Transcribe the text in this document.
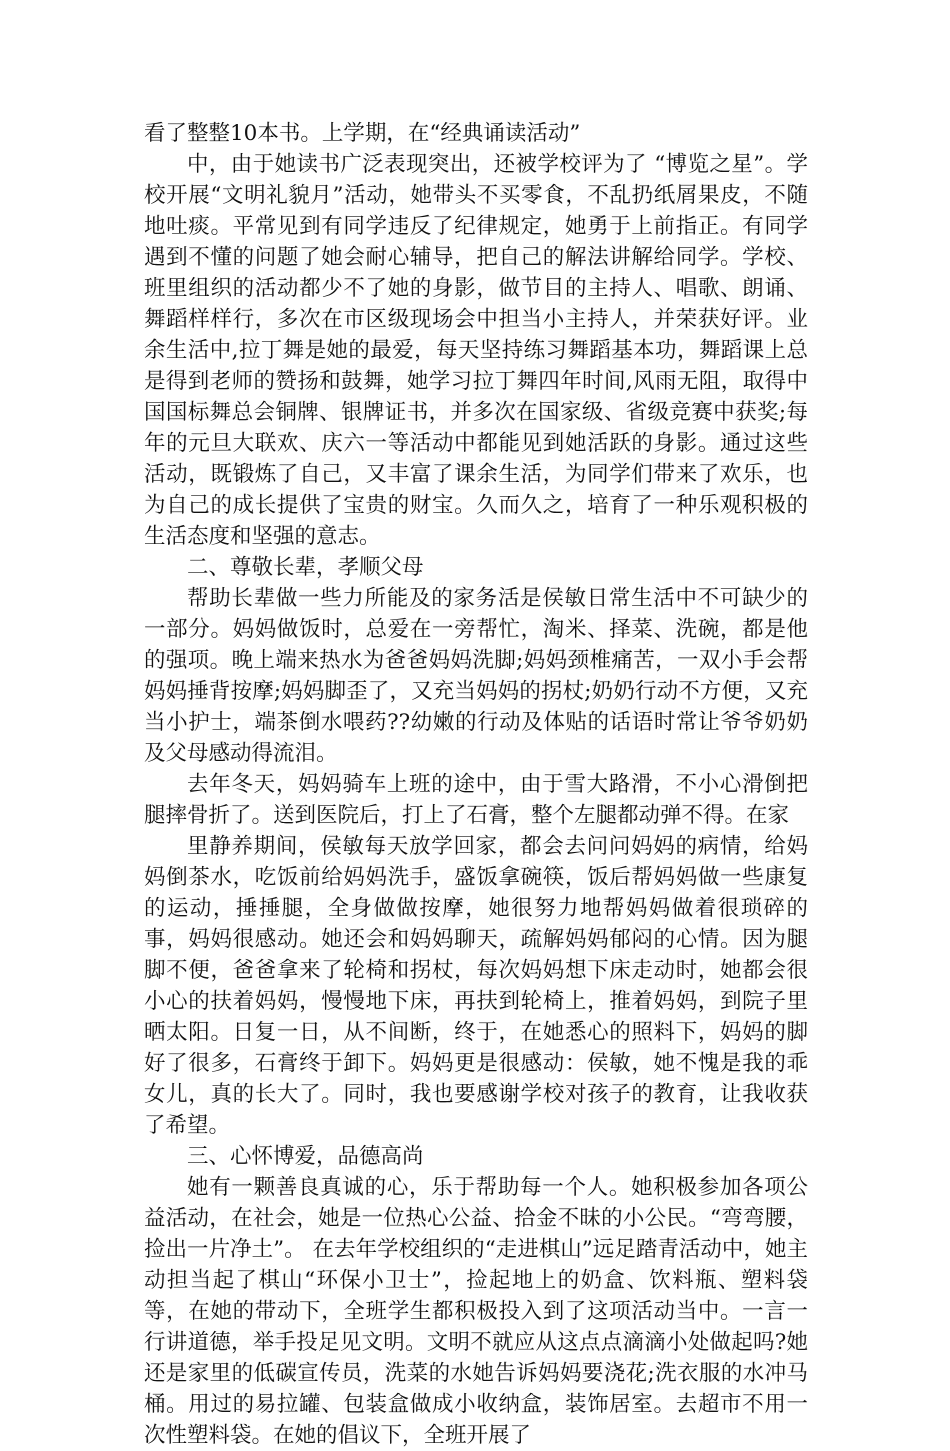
看了整整10本书。上学期，在“经典诵读活动”

中，由于她读书广泛表现突出，还被学校评为了 “博览之星”。学校开展“文明礼貌月”活动，她带头不买零食，不乱扔纸屑果皮，不随地吐痰。平常见到有同学违反了纪律规定，她勇于上前指正。有同学遇到不懂的问题了她会耐心辅导，把自己的解法讲解给同学。学校、班里组织的活动都少不了她的身影，做节目的主持人、唱歌、朗诵、舞蹈样样行，多次在市区级现场会中担当小主持人，并荣获好评。业余生活中,拉丁舞是她的最爱，每天坚持练习舞蹈基本功，舞蹈课上总是得到老师的赞扬和鼓舞，她学习拉丁舞四年时间,风雨无阻，取得中国国标舞总会铜牌、银牌证书，并多次在国家级、省级竞赛中获奖;每年的元旦大联欢、庆六一等活动中都能见到她活跃的身影。通过这些活动，既锻炼了自己，又丰富了课余生活，为同学们带来了欢乐，也为自己的成长提供了宝贵的财宝。久而久之，培育了一种乐观积极的生活态度和坚强的意志。

二、尊敬长辈，孝顺父母

帮助长辈做一些力所能及的家务活是侯敏日常生活中不可缺少的一部分。妈妈做饭时，总爱在一旁帮忙，淘米、择菜、洗碗，都是他的强项。晚上端来热水为爸爸妈妈洗脚;妈妈颈椎痛苦，一双小手会帮妈妈捶背按摩;妈妈脚歪了，又充当妈妈的拐杖;奶奶行动不方便，又充当小护士，端茶倒水喂药??幼嫩的行动及体贴的话语时常让爷爷奶奶及父母感动得流泪。

去年冬天，妈妈骑车上班的途中，由于雪大路滑，不小心滑倒把腿摔骨折了。送到医院后，打上了石膏，整个左腿都动弹不得。在家

里静养期间，侯敏每天放学回家，都会去问问妈妈的病情，给妈妈倒茶水，吃饭前给妈妈洗手，盛饭拿碗筷，饭后帮妈妈做一些康复的运动，捶捶腿，全身做做按摩，她很努力地帮妈妈做着很琐碎的事，妈妈很感动。她还会和妈妈聊天，疏解妈妈郁闷的心情。因为腿脚不便，爸爸拿来了轮椅和拐杖，每次妈妈想下床走动时，她都会很小心的扶着妈妈，慢慢地下床，再扶到轮椅上，推着妈妈，到院子里晒太阳。日复一日，从不间断，终于，在她悉心的照料下，妈妈的脚好了很多，石膏终于卸下。妈妈更是很感动：侯敏，她不愧是我的乖女儿，真的长大了。同时，我也要感谢学校对孩子的教育，让我收获了希望。

三、心怀博爱，品德高尚

她有一颗善良真诚的心，乐于帮助每一个人。她积极参加各项公益活动，在社会，她是一位热心公益、拾金不昧的小公民。“弯弯腰，捡出一片净土”。 在去年学校组织的“走进棋山”远足踏青活动中，她主动担当起了棋山“环保小卫士”，捡起地上的奶盒、饮料瓶、塑料袋等，在她的带动下，全班学生都积极投入到了这项活动当中。一言一行讲道德，举手投足见文明。文明不就应从这点点滴滴小处做起吗?她还是家里的低碳宣传员，洗菜的水她告诉妈妈要浇花;洗衣服的水冲马桶。用过的易拉罐、包装盒做成小收纳盒，装饰居室。去超市不用一次性塑料袋。在她的倡议下，全班开展了
